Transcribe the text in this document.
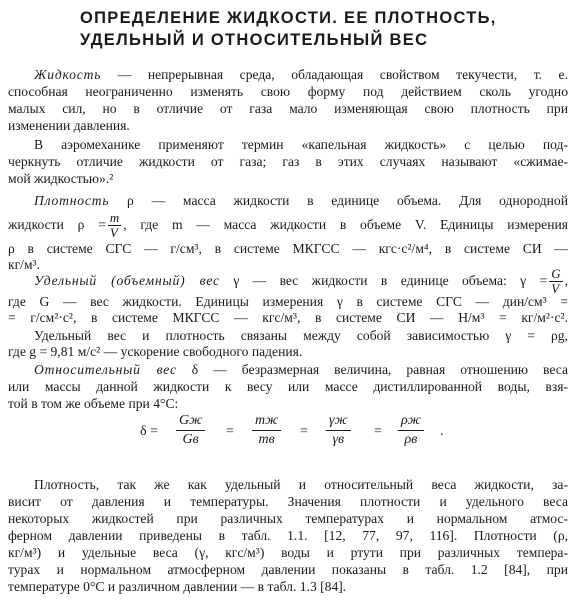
ОПРЕДЕЛЕНИЕ ЖИДКОСТИ. ЕЕ ПЛОТНОСТЬ,
УДЕЛЬНЫЙ И ОТНОСИТЕЛЬНЫЙ ВЕС
Жидкость — непрерывная среда, обладающая свойством текучести, т. е.
способная неограниченно изменять свою форму под действием сколь угодно
малых сил, но в отличие от газа мало изменяющая свою плотность при
изменении давления.
В аэромеханике применяют термин «капельная жидкость» с целью под-
черкнуть отличие жидкости от газа; газ в этих случаях называют «сжимае-
мой жидкостью».²
Плотность ρ — масса жидкости в единице объема. Для однородной
жидкости $\rho = \frac{m}{V}$ , где m — масса жидкости в объеме V. Единицы измерения
ρ в системе СГС — г/см³, в системе МКГСС — кгс·с²/м⁴, в системе СИ —
кг/м³.
Удельный (объемный) вес γ — вес жидкости в единице объема: $\gamma = \frac{G}{V}$ ,
где G — вес жидкости. Единицы измерения γ в системе СГС — дин/см³ =
= г/см²·с², в системе МКГСС — кгс/м³, в системе СИ — Н/м³ = кг/м²·с².
Удельный вес и плотность связаны между собой зависимостью γ = ρg,
где g = 9,81 м/с² — ускорение свободного падения.
Относительный вес δ — безразмерная величина, равная отношению веса
или массы данной жидкости к весу или массе дистиллированной воды, взя-
той в том же объеме при 4°С:
δ =
Gж
Gв
=
mж
mв
=
γж
γв
=
ρж
ρв
.
Плотность, так же как удельный и относительный веса жидкости, за-
висит от давления и температуры. Значения плотности и удельного веса
некоторых жидкостей при различных температурах и нормальном атмос-
ферном давлении приведены в табл. 1.1. [12, 77, 97, 116]. Плотности (ρ,
кг/м³) и удельные веса (γ, кгс/м³) воды и ртути при различных темпера-
турах и нормальном атмосферном давлении показаны в табл. 1.2 [84], при
температуре 0°С и различном давлении — в табл. 1.3 [84].
